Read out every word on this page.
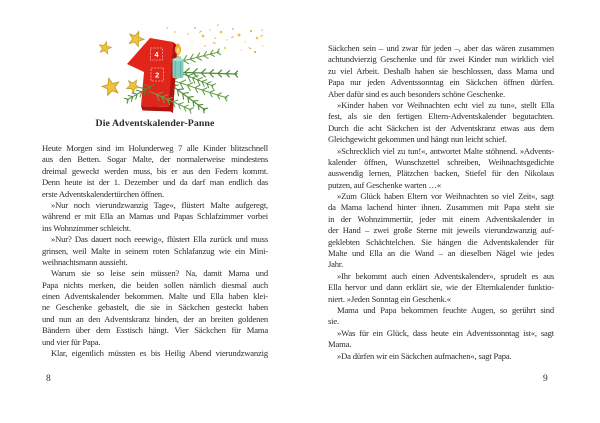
4
2
Die Adventskalender-Panne
Heute Morgen sind im Holunderweg 7 alle Kinder blitzschnell
aus den Betten. Sogar Malte, der normalerweise mindestens
dreimal geweckt werden muss, bis er aus den Federn kommt.
Denn heute ist der 1. Dezember und da darf man endlich das
erste Adventskalendertürchen öffnen.
»Nur noch vierundzwanzig Tage«, flüstert Malte aufgeregt,
während er mit Ella an Mamas und Papas Schlafzimmer vorbei
ins Wohnzimmer schleicht.
»Nur? Das dauert noch eeewig«, flüstert Ella zurück und muss
grinsen, weil Malte in seinem roten Schlafanzug wie ein Mini-
weihnachtsmann aussieht.
Warum sie so leise sein müssen? Na, damit Mama und
Papa nichts merken, die beiden sollen nämlich diesmal auch
einen Adventskalender bekommen. Malte und Ella haben klei-
ne Geschenke gebastelt, die sie in Säckchen gesteckt haben
und nun an den Adventskranz binden, der an breiten goldenen
Bändern über dem Esstisch hängt. Vier Säckchen für Mama
und vier für Papa.
Klar, eigentlich müssten es bis Heilig Abend vierundzwanzig
Säckchen sein – und zwar für jeden –, aber das wären zusammen
achtundvierzig Geschenke und für zwei Kinder nun wirklich viel
zu viel Arbeit. Deshalb haben sie beschlossen, dass Mama und
Papa nur jeden Adventssonntag ein Säckchen öffnen dürfen.
Aber dafür sind es auch besonders schöne Geschenke.
»Kinder haben vor Weihnachten echt viel zu tun«, stellt Ella
fest, als sie den fertigen Eltern-Adventskalender begutachten.
Durch die acht Säckchen ist der Adventskranz etwas aus dem
Gleichgewicht gekommen und hängt nun leicht schief.
»Schrecklich viel zu tun!«, antwortet Malte stöhnend. »Advents-
kalender öffnen, Wunschzettel schreiben, Weihnachtsgedichte
auswendig lernen, Plätzchen backen, Stiefel für den Nikolaus
putzen, auf Geschenke warten …«
»Zum Glück haben Eltern vor Weihnachten so viel Zeit«, sagt
da Mama lachend hinter ihnen. Zusammen mit Papa steht sie
in der Wohnzimmertür, jeder mit einem Adventskalender in
der Hand – zwei große Sterne mit jeweils vierundzwanzig auf-
geklebten Schächtelchen. Sie hängen die Adventskalender für
Malte und Ella an die Wand – an dieselben Nägel wie jedes
Jahr.
»Ihr bekommt auch einen Adventskalender«, sprudelt es aus
Ella hervor und dann erklärt sie, wie der Elternkalender funktio-
niert. »Jeden Sonntag ein Geschenk.«
Mama und Papa bekommen feuchte Augen, so gerührt sind
sie.
»Was für ein Glück, dass heute ein Adventssonntag ist«, sagt
Mama.
»Da dürfen wir ein Säckchen aufmachen«, sagt Papa.
8	9
